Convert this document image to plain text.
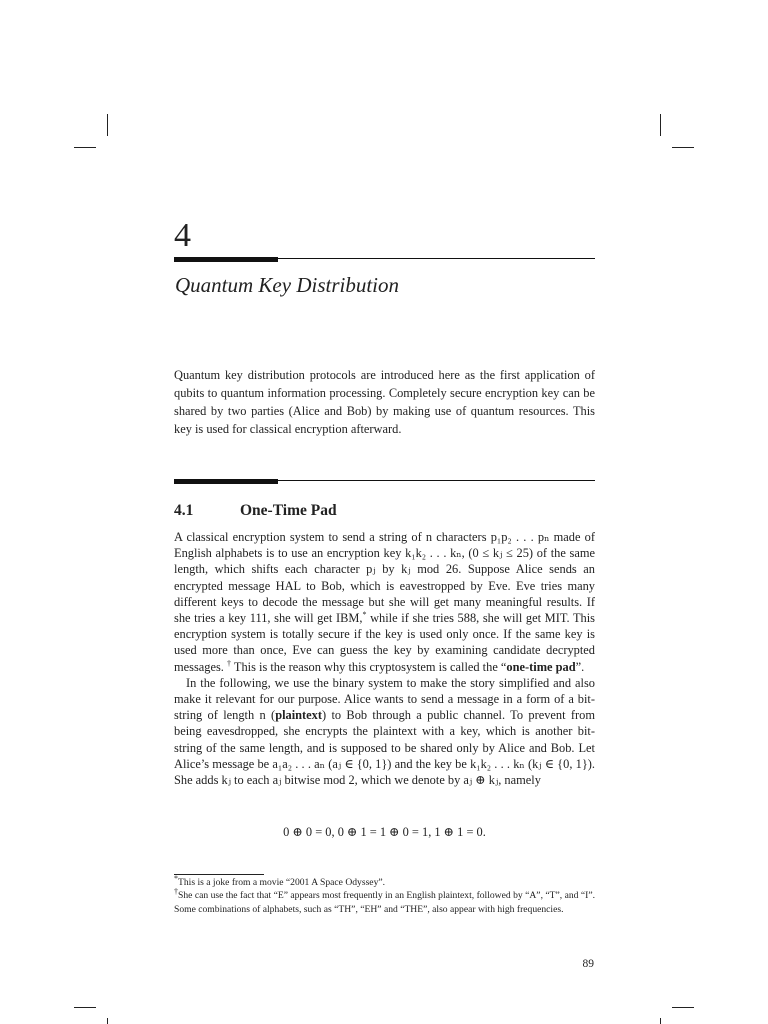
4
Quantum Key Distribution
Quantum key distribution protocols are introduced here as the first application of qubits to quantum information processing. Completely secure encryption key can be shared by two parties (Alice and Bob) by making use of quantum resources. This key is used for classical encryption afterward.
4.1	One-Time Pad

A classical encryption system to send a string of n characters p₁p₂ . . . pₙ made of English alphabets is to use an encryption key k₁k₂ . . . kₙ, (0 ≤ kⱼ ≤ 25) of the same length, which shifts each character pⱼ by kⱼ mod 26. Suppose Alice sends an encrypted message HAL to Bob, which is eavestropped by Eve. Eve tries many different keys to decode the message but she will get many meaningful results. If she tries a key 111, she will get IBM,* while if she tries 588, she will get MIT. This encryption system is totally secure if the key is used only once. If the same key is used more than once, Eve can guess the key by examining candidate decrypted messages. † This is the reason why this cryptosystem is called the “one-time pad”.

In the following, we use the binary system to make the story simplified and also make it relevant for our purpose. Alice wants to send a message in a form of a bit-string of length n (plaintext) to Bob through a public channel. To prevent from being eavesdropped, she encrypts the plaintext with a key, which is another bit-string of the same length, and is supposed to be shared only by Alice and Bob. Let Alice’s message be a₁a₂ . . . aₙ (aⱼ ∈ {0, 1}) and the key be k₁k₂ . . . kₙ (kⱼ ∈ {0, 1}). She adds kⱼ to each aⱼ bitwise mod 2, which we denote by aⱼ ⊕ kⱼ, namely

0 ⊕ 0 = 0, 0 ⊕ 1 = 1 ⊕ 0 = 1, 1 ⊕ 1 = 0.
*This is a joke from a movie “2001 A Space Odyssey”.
†She can use the fact that “E” appears most frequently in an English plaintext, followed by “A”, “T”, and “I”. Some combinations of alphabets, such as “TH”, “EH” and “THE”, also appear with high frequencies.
89
